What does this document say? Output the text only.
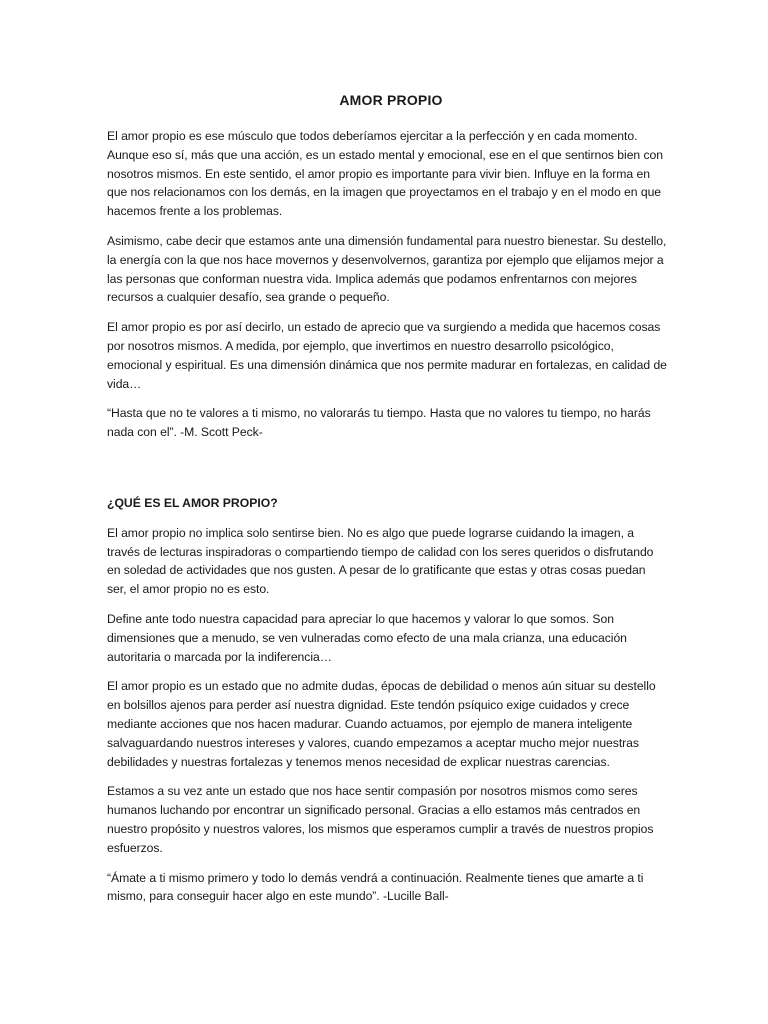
AMOR PROPIO

El amor propio es ese músculo que todos deberíamos ejercitar a la perfección y en cada momento. Aunque eso sí, más que una acción, es un estado mental y emocional, ese en el que sentirnos bien con nosotros mismos. En este sentido, el amor propio es importante para vivir bien. Influye en la forma en que nos relacionamos con los demás, en la imagen que proyectamos en el trabajo y en el modo en que hacemos frente a los problemas.

Asimismo, cabe decir que estamos ante una dimensión fundamental para nuestro bienestar. Su destello, la energía con la que nos hace movernos y desenvolvernos, garantiza por ejemplo que elijamos mejor a las personas que conforman nuestra vida. Implica además que podamos enfrentarnos con mejores recursos a cualquier desafío, sea grande o pequeño.

El amor propio es por así decirlo, un estado de aprecio que va surgiendo a medida que hacemos cosas por nosotros mismos. A medida, por ejemplo, que invertimos en nuestro desarrollo psicológico, emocional y espiritual. Es una dimensión dinámica que nos permite madurar en fortalezas, en calidad de vida…

“Hasta que no te valores a ti mismo, no valorarás tu tiempo. Hasta que no valores tu tiempo, no harás nada con el”. -M. Scott Peck-

¿QUÉ ES EL AMOR PROPIO?

El amor propio no implica solo sentirse bien. No es algo que puede lograrse cuidando la imagen, a través de lecturas inspiradoras o compartiendo tiempo de calidad con los seres queridos o disfrutando en soledad de actividades que nos gusten. A pesar de lo gratificante que estas y otras cosas puedan ser, el amor propio no es esto.

Define ante todo nuestra capacidad para apreciar lo que hacemos y valorar lo que somos. Son dimensiones que a menudo, se ven vulneradas como efecto de una mala crianza, una educación autoritaria o marcada por la indiferencia…

El amor propio es un estado que no admite dudas, épocas de debilidad o menos aún situar su destello en bolsillos ajenos para perder así nuestra dignidad. Este tendón psíquico exige cuidados y crece mediante acciones que nos hacen madurar. Cuando actuamos, por ejemplo de manera inteligente salvaguardando nuestros intereses y valores, cuando empezamos a aceptar mucho mejor nuestras debilidades y nuestras fortalezas y tenemos menos necesidad de explicar nuestras carencias.

Estamos a su vez ante un estado que nos hace sentir compasión por nosotros mismos como seres humanos luchando por encontrar un significado personal. Gracias a ello estamos más centrados en nuestro propósito y nuestros valores, los mismos que esperamos cumplir a través de nuestros propios esfuerzos.

“Ámate a ti mismo primero y todo lo demás vendrá a continuación. Realmente tienes que amarte a ti mismo, para conseguir hacer algo en este mundo”. -Lucille Ball-
